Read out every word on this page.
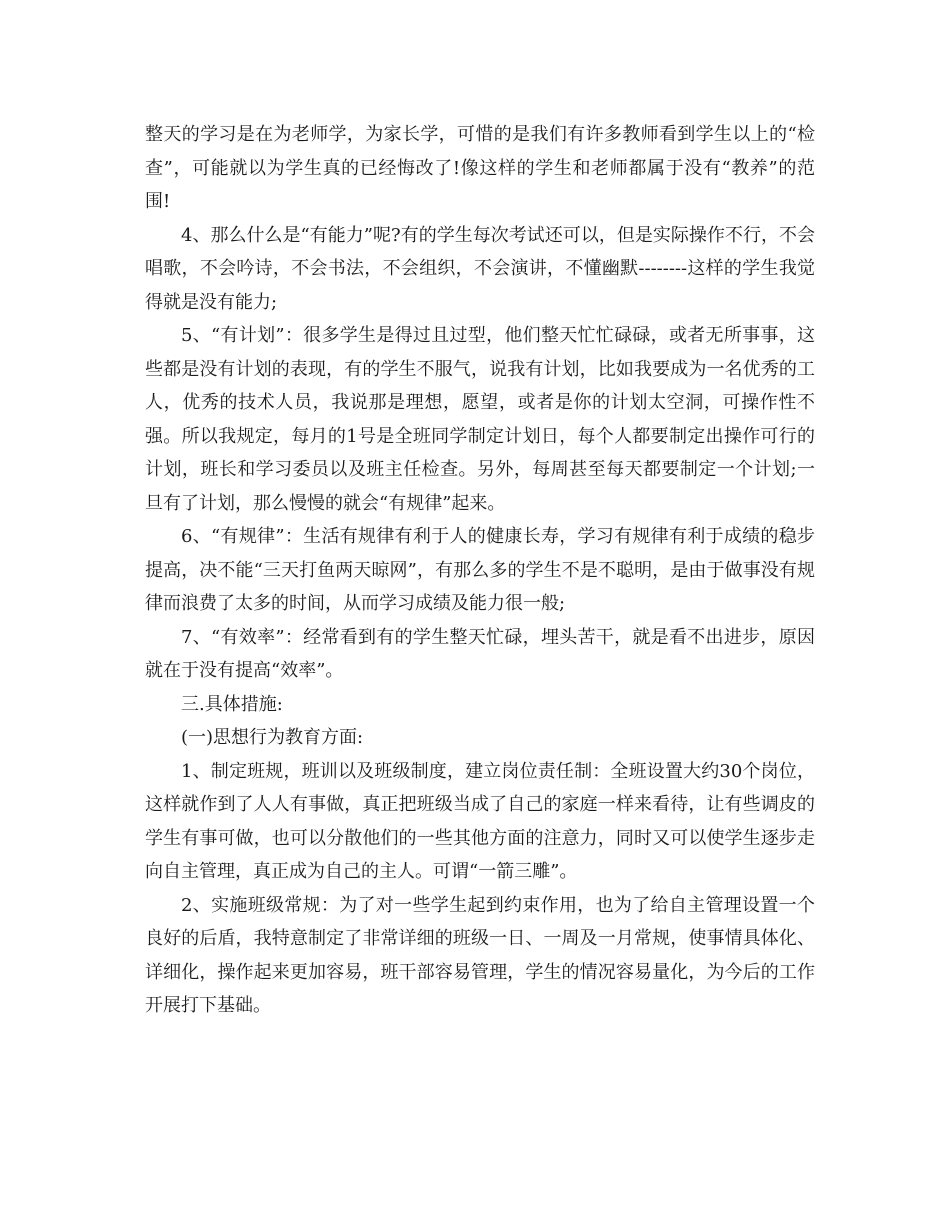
整天的学习是在为老师学，为家长学，可惜的是我们有许多教师看到学生以上的“检查”，可能就以为学生真的已经悔改了!像这样的学生和老师都属于没有“教养”的范围!

4、那么什么是“有能力”呢?有的学生每次考试还可以，但是实际操作不行，不会唱歌，不会吟诗，不会书法，不会组织，不会演讲，不懂幽默--------这样的学生我觉得就是没有能力;

5、“有计划”：很多学生是得过且过型，他们整天忙忙碌碌，或者无所事事，这些都是没有计划的表现，有的学生不服气，说我有计划，比如我要成为一名优秀的工人，优秀的技术人员，我说那是理想，愿望，或者是你的计划太空洞，可操作性不强。所以我规定，每月的1号是全班同学制定计划日，每个人都要制定出操作可行的计划，班长和学习委员以及班主任检查。另外，每周甚至每天都要制定一个计划;一旦有了计划，那么慢慢的就会“有规律”起来。

6、“有规律”：生活有规律有利于人的健康长寿，学习有规律有利于成绩的稳步提高，决不能“三天打鱼两天晾网”，有那么多的学生不是不聪明，是由于做事没有规律而浪费了太多的时间，从而学习成绩及能力很一般;

7、“有效率”：经常看到有的学生整天忙碌，埋头苦干，就是看不出进步，原因就在于没有提高“效率”。

三.具体措施:

(一)思想行为教育方面:

1、制定班规，班训以及班级制度，建立岗位责任制：全班设置大约30个岗位，这样就作到了人人有事做，真正把班级当成了自己的家庭一样来看待，让有些调皮的学生有事可做，也可以分散他们的一些其他方面的注意力，同时又可以使学生逐步走向自主管理，真正成为自己的主人。可谓“一箭三雕”。

2、实施班级常规：为了对一些学生起到约束作用，也为了给自主管理设置一个良好的后盾，我特意制定了非常详细的班级一日、一周及一月常规，使事情具体化、详细化，操作起来更加容易，班干部容易管理，学生的情况容易量化，为今后的工作开展打下基础。
